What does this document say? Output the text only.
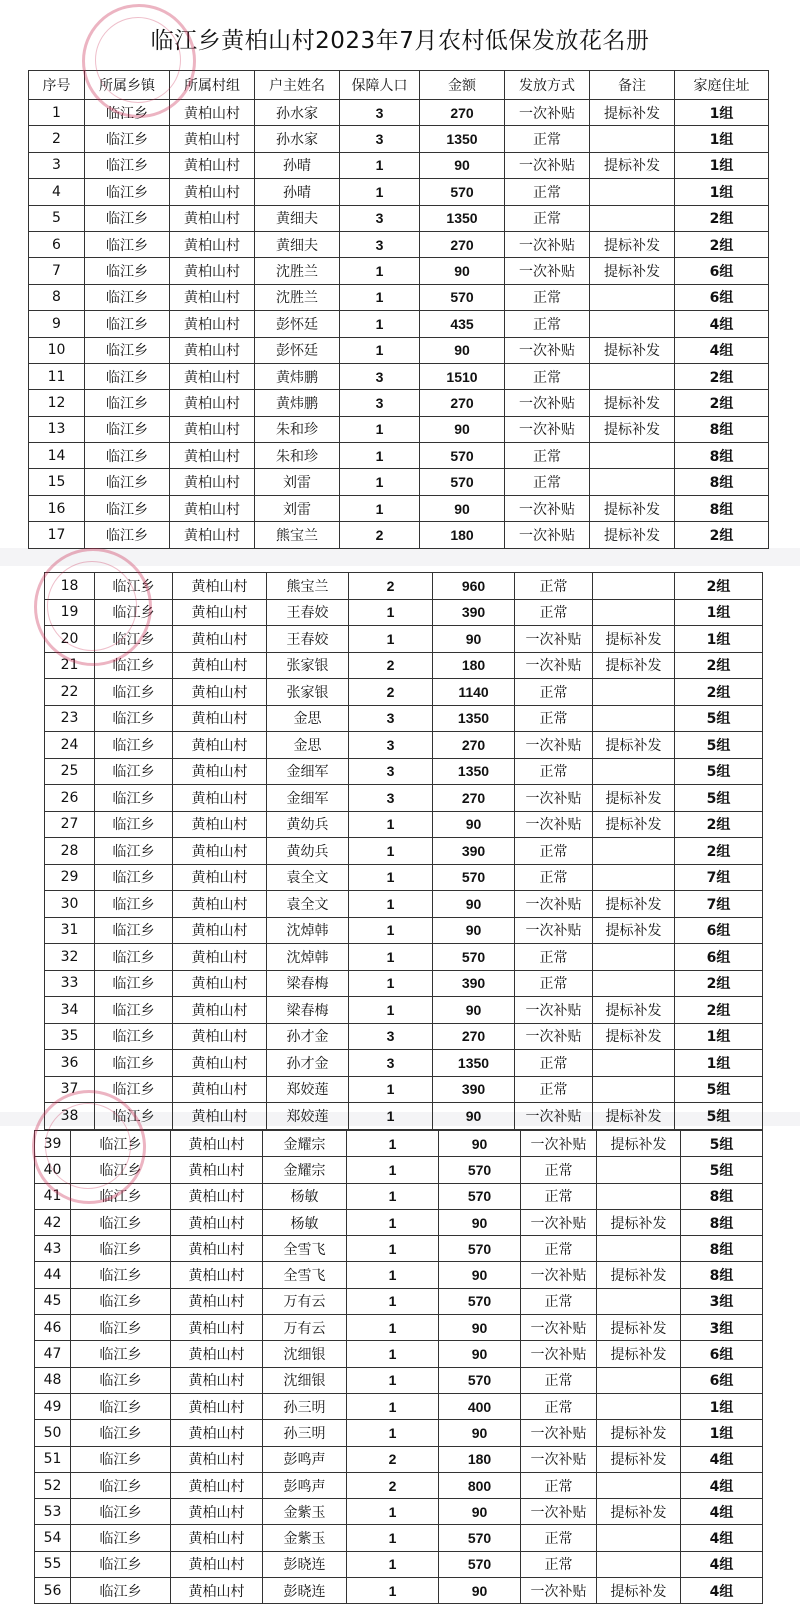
临江乡黄柏山村2023年7月农村低保发放花名册
序号	所属乡镇	所属村组	户主姓名	保障人口	金额	发放方式	备注	家庭住址
1	临江乡	黄柏山村	孙水家	3	270	一次补贴	提标补发	1组
2	临江乡	黄柏山村	孙水家	3	1350	正常		1组
3	临江乡	黄柏山村	孙晴	1	90	一次补贴	提标补发	1组
4	临江乡	黄柏山村	孙晴	1	570	正常		1组
5	临江乡	黄柏山村	黄细夫	3	1350	正常		2组
6	临江乡	黄柏山村	黄细夫	3	270	一次补贴	提标补发	2组
7	临江乡	黄柏山村	沈胜兰	1	90	一次补贴	提标补发	6组
8	临江乡	黄柏山村	沈胜兰	1	570	正常		6组
9	临江乡	黄柏山村	彭怀廷	1	435	正常		4组
10	临江乡	黄柏山村	彭怀廷	1	90	一次补贴	提标补发	4组
11	临江乡	黄柏山村	黄炜鹏	3	1510	正常		2组
12	临江乡	黄柏山村	黄炜鹏	3	270	一次补贴	提标补发	2组
13	临江乡	黄柏山村	朱和珍	1	90	一次补贴	提标补发	8组
14	临江乡	黄柏山村	朱和珍	1	570	正常		8组
15	临江乡	黄柏山村	刘雷	1	570	正常		8组
16	临江乡	黄柏山村	刘雷	1	90	一次补贴	提标补发	8组
17	临江乡	黄柏山村	熊宝兰	2	180	一次补贴	提标补发	2组
18	临江乡	黄柏山村	熊宝兰	2	960	正常		2组
19	临江乡	黄柏山村	王春姣	1	390	正常		1组
20	临江乡	黄柏山村	王春姣	1	90	一次补贴	提标补发	1组
21	临江乡	黄柏山村	张家银	2	180	一次补贴	提标补发	2组
22	临江乡	黄柏山村	张家银	2	1140	正常		2组
23	临江乡	黄柏山村	金思	3	1350	正常		5组
24	临江乡	黄柏山村	金思	3	270	一次补贴	提标补发	5组
25	临江乡	黄柏山村	金细军	3	1350	正常		5组
26	临江乡	黄柏山村	金细军	3	270	一次补贴	提标补发	5组
27	临江乡	黄柏山村	黄幼兵	1	90	一次补贴	提标补发	2组
28	临江乡	黄柏山村	黄幼兵	1	390	正常		2组
29	临江乡	黄柏山村	袁全文	1	570	正常		7组
30	临江乡	黄柏山村	袁全文	1	90	一次补贴	提标补发	7组
31	临江乡	黄柏山村	沈焯韩	1	90	一次补贴	提标补发	6组
32	临江乡	黄柏山村	沈焯韩	1	570	正常		6组
33	临江乡	黄柏山村	梁春梅	1	390	正常		2组
34	临江乡	黄柏山村	梁春梅	1	90	一次补贴	提标补发	2组
35	临江乡	黄柏山村	孙才金	3	270	一次补贴	提标补发	1组
36	临江乡	黄柏山村	孙才金	3	1350	正常		1组
37	临江乡	黄柏山村	郑姣莲	1	390	正常		5组
38	临江乡	黄柏山村	郑姣莲	1	90	一次补贴	提标补发	5组
39	临江乡	黄柏山村	金耀宗	1	90	一次补贴	提标补发	5组
40	临江乡	黄柏山村	金耀宗	1	570	正常		5组
41	临江乡	黄柏山村	杨敏	1	570	正常		8组
42	临江乡	黄柏山村	杨敏	1	90	一次补贴	提标补发	8组
43	临江乡	黄柏山村	全雪飞	1	570	正常		8组
44	临江乡	黄柏山村	全雪飞	1	90	一次补贴	提标补发	8组
45	临江乡	黄柏山村	万有云	1	570	正常		3组
46	临江乡	黄柏山村	万有云	1	90	一次补贴	提标补发	3组
47	临江乡	黄柏山村	沈细银	1	90	一次补贴	提标补发	6组
48	临江乡	黄柏山村	沈细银	1	570	正常		6组
49	临江乡	黄柏山村	孙三明	1	400	正常		1组
50	临江乡	黄柏山村	孙三明	1	90	一次补贴	提标补发	1组
51	临江乡	黄柏山村	彭鸣声	2	180	一次补贴	提标补发	4组
52	临江乡	黄柏山村	彭鸣声	2	800	正常		4组
53	临江乡	黄柏山村	金紫玉	1	90	一次补贴	提标补发	4组
54	临江乡	黄柏山村	金紫玉	1	570	正常		4组
55	临江乡	黄柏山村	彭晓连	1	570	正常		4组
56	临江乡	黄柏山村	彭晓连	1	90	一次补贴	提标补发	4组
